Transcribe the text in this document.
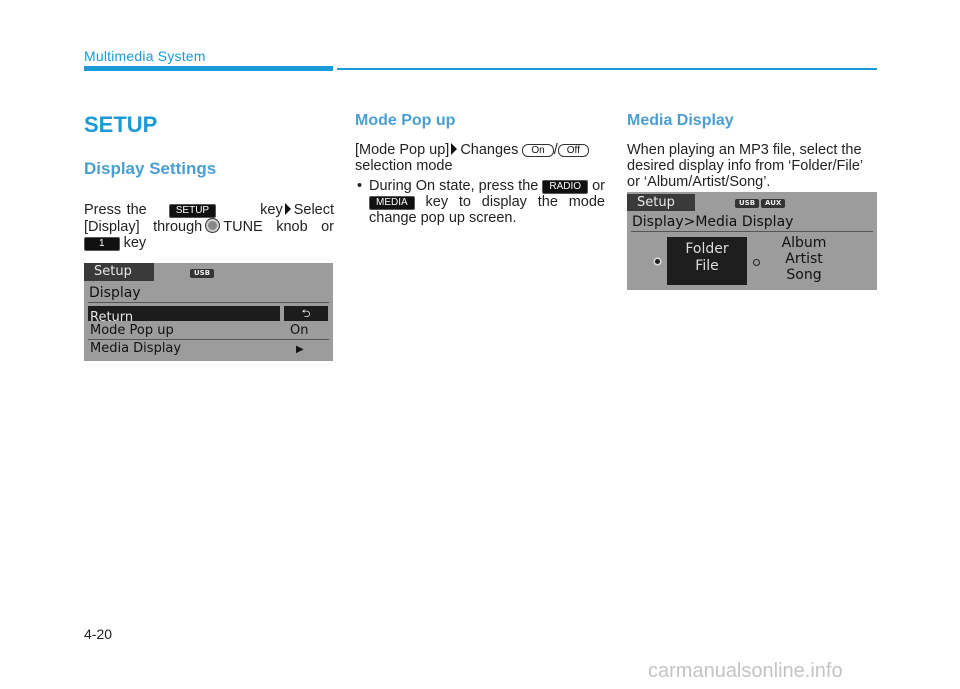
Multimedia System
SETUP
Display Settings

Press the	SETUP	key Select [Display] through TUNE knob or 1 key

Setup	USB
Display
Return	⮌
Mode Pop up	On
Media Display	▶
Mode Pop up

[Mode Pop up] Changes On / Off
selection mode

• During On state, press the RADIO or MEDIA key to display the mode change pop up screen.

Media Display

When playing an MP3 file, select the desired display info from ‘Folder/File’ or ‘Album/Artist/Song’.

Setup	USB	AUX
Display>Media Display
Folder
File
Album
Artist
Song
4-20
carmanualsonline.info
